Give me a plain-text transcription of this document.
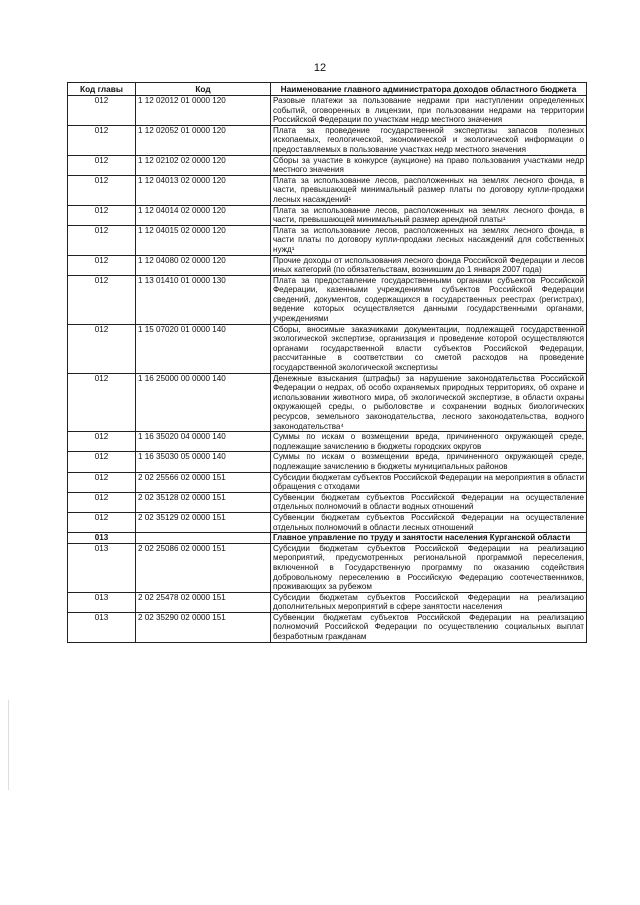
12
Код главы	Код	Наименование главного администратора доходов областного бюджета
012	1 12 02012 01 0000 120	Разовые платежи за пользование недрами при наступлении определенных событий, оговоренных в лицензии, при пользовании недрами на территории Российской Федерации по участкам недр местного значения
012	1 12 02052 01 0000 120	Плата за проведение государственной экспертизы запасов полезных ископаемых, геологической, экономической и экологической информации о предоставляемых в пользование участках недр местного значения
012	1 12 02102 02 0000 120	Сборы за участие в конкурсе (аукционе) на право пользования участками недр местного значения
012	1 12 04013 02 0000 120	Плата за использование лесов, расположенных на землях лесного фонда, в части, превышающей минимальный размер платы по договору купли-продажи лесных насаждений¹
012	1 12 04014 02 0000 120	Плата за использование лесов, расположенных на землях лесного фонда, в части, превышающей минимальный размер арендной платы¹
012	1 12 04015 02 0000 120	Плата за использование лесов, расположенных на землях лесного фонда, в части платы по договору купли-продажи лесных насаждений для собственных нужд¹
012	1 12 04080 02 0000 120	Прочие доходы от использования лесного фонда Российской Федерации и лесов иных категорий (по обязательствам, возникшим до 1 января 2007 года)
012	1 13 01410 01 0000 130	Плата за предоставление государственными органами субъектов Российской Федерации, казенными учреждениями субъектов Российской Федерации сведений, документов, содержащихся в государственных реестрах (регистрах), ведение которых осуществляется данными государственными органами, учреждениями
012	1 15 07020 01 0000 140	Сборы, вносимые заказчиками документации, подлежащей государственной экологической экспертизе, организация и проведение которой осуществляются органами государственной власти субъектов Российской Федерации, рассчитанные в соответствии со сметой расходов на проведение государственной экологической экспертизы
012	1 16 25000 00 0000 140	Денежные взыскания (штрафы) за нарушение законодательства Российской Федерации о недрах, об особо охраняемых природных территориях, об охране и использовании животного мира, об экологической экспертизе, в области охраны окружающей среды, о рыболовстве и сохранении водных биологических ресурсов, земельного законодательства, лесного законодательства, водного законодательства⁴
012	1 16 35020 04 0000 140	Суммы по искам о возмещении вреда, причиненного окружающей среде, подлежащие зачислению в бюджеты городских округов
012	1 16 35030 05 0000 140	Суммы по искам о возмещении вреда, причиненного окружающей среде, подлежащие зачислению в бюджеты муниципальных районов
012	2 02 25566 02 0000 151	Субсидии бюджетам субъектов Российской Федерации на мероприятия в области обращения с отходами
012	2 02 35128 02 0000 151	Субвенции бюджетам субъектов Российской Федерации на осуществление отдельных полномочий в области водных отношений
012	2 02 35129 02 0000 151	Субвенции бюджетам субъектов Российской Федерации на осуществление отдельных полномочий в области лесных отношений
013		Главное управление по труду и занятости населения Курганской области
013	2 02 25086 02 0000 151	Субсидии бюджетам субъектов Российской Федерации на реализацию мероприятий, предусмотренных региональной программой переселения, включенной в Государственную программу по оказанию содействия добровольному переселению в Российскую Федерацию соотечественников, проживающих за рубежом
013	2 02 25478 02 0000 151	Субсидии бюджетам субъектов Российской Федерации на реализацию дополнительных мероприятий в сфере занятости населения
013	2 02 35290 02 0000 151	Субвенции бюджетам субъектов Российской Федерации на реализацию полномочий Российской Федерации по осуществлению социальных выплат безработным гражданам
